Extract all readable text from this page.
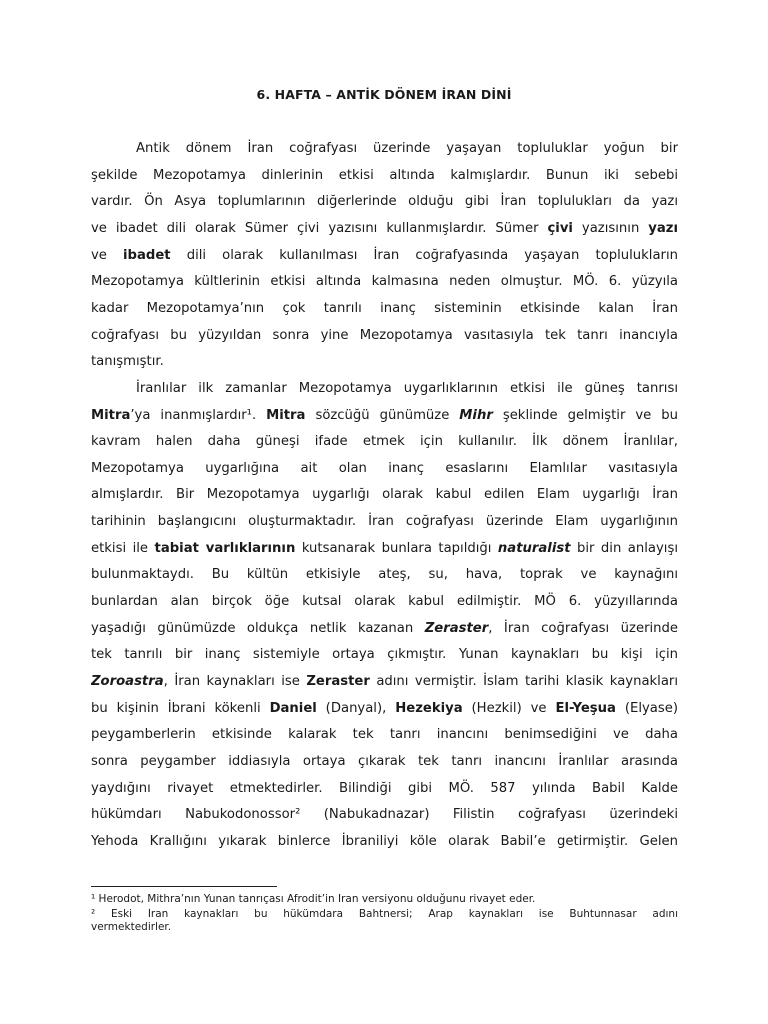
6. HAFTA – ANTİK DÖNEM İRAN DİNİ
Antik dönem İran coğrafyası üzerinde yaşayan topluluklar yoğun bir
şekilde Mezopotamya dinlerinin etkisi altında kalmışlardır. Bunun iki sebebi
vardır. Ön Asya toplumlarının diğerlerinde olduğu gibi İran toplulukları da yazı
ve ibadet dili olarak Sümer çivi yazısını kullanmışlardır. Sümer çivi yazısının yazı
ve ibadet dili olarak kullanılması İran coğrafyasında yaşayan toplulukların
Mezopotamya kültlerinin etkisi altında kalmasına neden olmuştur. MÖ. 6. yüzyıla
kadar Mezopotamya’nın çok tanrılı inanç sisteminin etkisinde kalan İran
coğrafyası bu yüzyıldan sonra yine Mezopotamya vasıtasıyla tek tanrı inancıyla
tanışmıştır.
İranlılar ilk zamanlar Mezopotamya uygarlıklarının etkisi ile güneş tanrısı
Mitra’ya inanmışlardır¹. Mitra sözcüğü günümüze Mihr şeklinde gelmiştir ve bu
kavram halen daha güneşi ifade etmek için kullanılır. İlk dönem İranlılar,
Mezopotamya uygarlığına ait olan inanç esaslarını Elamlılar vasıtasıyla
almışlardır. Bir Mezopotamya uygarlığı olarak kabul edilen Elam uygarlığı İran
tarihinin başlangıcını oluşturmaktadır. İran coğrafyası üzerinde Elam uygarlığının
etkisi ile tabiat varlıklarının kutsanarak bunlara tapıldığı naturalist bir din anlayışı
bulunmaktaydı. Bu kültün etkisiyle ateş, su, hava, toprak ve kaynağını
bunlardan alan birçok öğe kutsal olarak kabul edilmiştir. MÖ 6. yüzyıllarında
yaşadığı günümüzde oldukça netlik kazanan Zeraster, İran coğrafyası üzerinde
tek tanrılı bir inanç sistemiyle ortaya çıkmıştır. Yunan kaynakları bu kişi için
Zoroastra, İran kaynakları ise Zeraster adını vermiştir. İslam tarihi klasik kaynakları
bu kişinin İbrani kökenli Daniel (Danyal), Hezekiya (Hezkil) ve El-Yeşua (Elyase)
peygamberlerin etkisinde kalarak tek tanrı inancını benimsediğini ve daha
sonra peygamber iddiasıyla ortaya çıkarak tek tanrı inancını İranlılar arasında
yaydığını rivayet etmektedirler. Bilindiği gibi MÖ. 587 yılında Babil Kalde
hükümdarı Nabukodonossor² (Nabukadnazar) Filistin coğrafyası üzerindeki
Yehoda Krallığını yıkarak binlerce İbraniliyi köle olarak Babil’e getirmiştir. Gelen
¹ Herodot, Mithra’nın Yunan tanrıçası Afrodit’in İran versiyonu olduğunu rivayet eder.
² Eski İran kaynakları bu hükümdara Bahtnersi; Arap kaynakları ise Buhtunnasar adını
vermektedirler.
